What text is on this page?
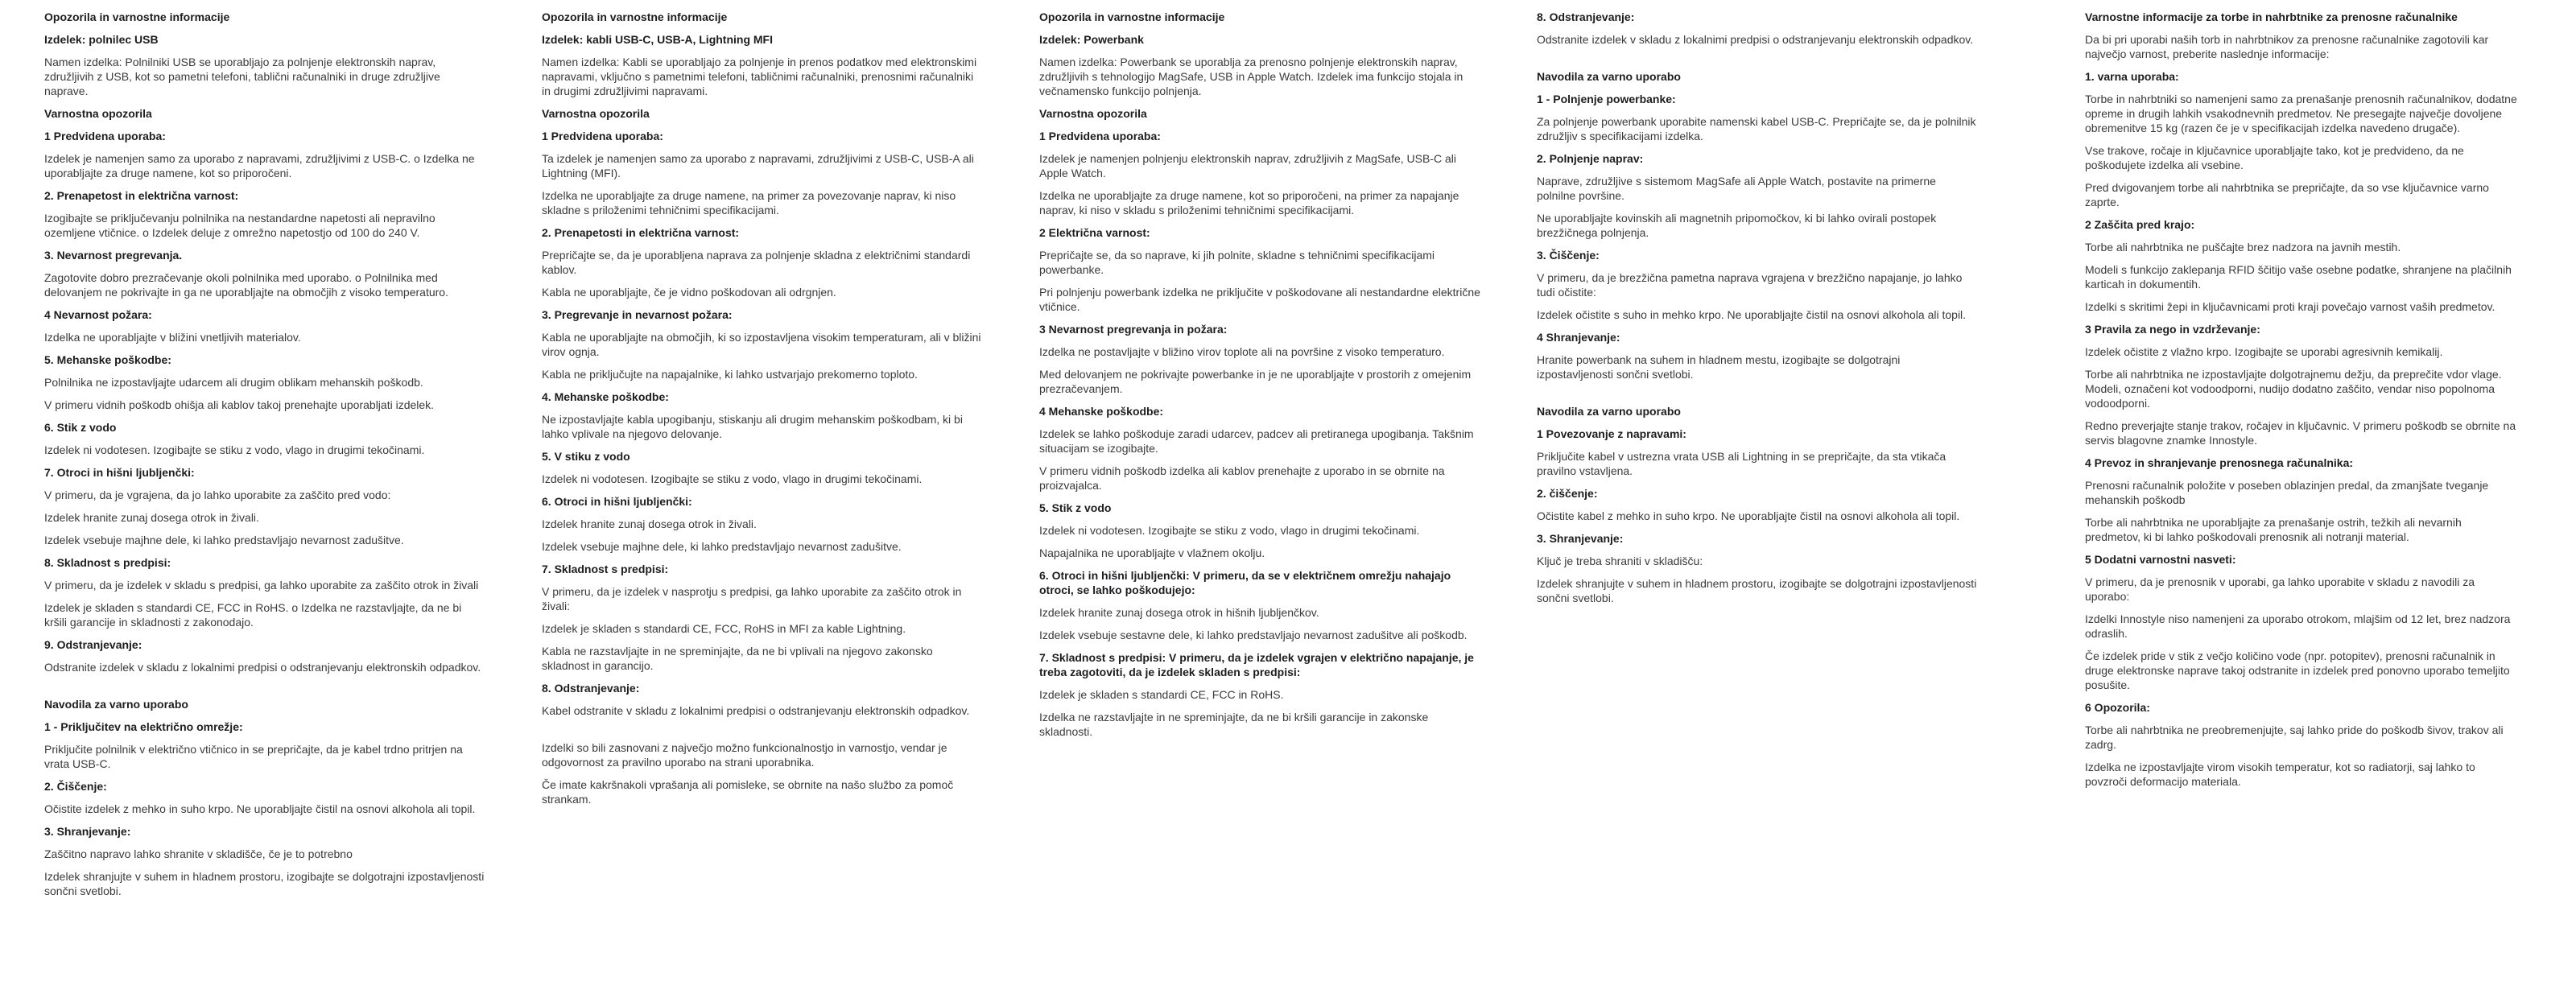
Opozorila in varnostne informacije
Izdelek: polnilec USB
Namen izdelka: Polnilniki USB se uporabljajo za polnjenje elektronskih naprav, združljivih z USB, kot so pametni telefoni, tablični računalniki in druge združljive naprave.
Varnostna opozorila
1 Predvidena uporaba:
Izdelek je namenjen samo za uporabo z napravami, združljivimi z USB-C. o Izdelka ne uporabljajte za druge namene, kot so priporočeni.
2. Prenapetost in električna varnost:
Izogibajte se priključevanju polnilnika na nestandardne napetosti ali nepravilno ozemljene vtičnice. o Izdelek deluje z omrežno napetostjo od 100 do 240 V.
3. Nevarnost pregrevanja.
Zagotovite dobro prezračevanje okoli polnilnika med uporabo. o Polnilnika med delovanjem ne pokrivajte in ga ne uporabljajte na območjih z visoko temperaturo.
4 Nevarnost požara:
Izdelka ne uporabljajte v bližini vnetljivih materialov.
5. Mehanske poškodbe:
Polnilnika ne izpostavljajte udarcem ali drugim oblikam mehanskih poškodb.
V primeru vidnih poškodb ohišja ali kablov takoj prenehajte uporabljati izdelek.
6. Stik z vodo
Izdelek ni vodotesen. Izogibajte se stiku z vodo, vlago in drugimi tekočinami.
7. Otroci in hišni ljubljenčki:
V primeru, da je vgrajena, da jo lahko uporabite za zaščito pred vodo:
Izdelek hranite zunaj dosega otrok in živali.
Izdelek vsebuje majhne dele, ki lahko predstavljajo nevarnost zadušitve.
8. Skladnost s predpisi:
V primeru, da je izdelek v skladu s predpisi, ga lahko uporabite za zaščito otrok in živali
Izdelek je skladen s standardi CE, FCC in RoHS. o Izdelka ne razstavljajte, da ne bi kršili garancije in skladnosti z zakonodajo.
9. Odstranjevanje:
Odstranite izdelek v skladu z lokalnimi predpisi o odstranjevanju elektronskih odpadkov.
Navodila za varno uporabo
1 - Priključitev na električno omrežje:
Priključite polnilnik v električno vtičnico in se prepričajte, da je kabel trdno pritrjen na vrata USB-C.
2. Čiščenje:
Očistite izdelek z mehko in suho krpo. Ne uporabljajte čistil na osnovi alkohola ali topil.
3. Shranjevanje:
Zaščitno napravo lahko shranite v skladišče, če je to potrebno
Izdelek shranjujte v suhem in hladnem prostoru, izogibajte se dolgotrajni izpostavljenosti sončni svetlobi.
Opozorila in varnostne informacije
Izdelek: kabli USB-C, USB-A, Lightning MFI
Namen izdelka: Kabli se uporabljajo za polnjenje in prenos podatkov med elektronskimi napravami, vključno s pametnimi telefoni, tabličnimi računalniki, prenosnimi računalniki in drugimi združljivimi napravami.
Varnostna opozorila
1 Predvidena uporaba:
Ta izdelek je namenjen samo za uporabo z napravami, združljivimi z USB-C, USB-A ali Lightning (MFI).
Izdelka ne uporabljajte za druge namene, na primer za povezovanje naprav, ki niso skladne s priloženimi tehničnimi specifikacijami.
2. Prenapetosti in električna varnost:
Prepričajte se, da je uporabljena naprava za polnjenje skladna z električnimi standardi kablov.
Kabla ne uporabljajte, če je vidno poškodovan ali odrgnjen.
3. Pregrevanje in nevarnost požara:
Kabla ne uporabljajte na območjih, ki so izpostavljena visokim temperaturam, ali v bližini virov ognja.
Kabla ne priključujte na napajalnike, ki lahko ustvarjajo prekomerno toploto.
4. Mehanske poškodbe:
Ne izpostavljajte kabla upogibanju, stiskanju ali drugim mehanskim poškodbam, ki bi lahko vplivale na njegovo delovanje.
5. V stiku z vodo
Izdelek ni vodotesen. Izogibajte se stiku z vodo, vlago in drugimi tekočinami.
6. Otroci in hišni ljubljenčki:
Izdelek hranite zunaj dosega otrok in živali.
Izdelek vsebuje majhne dele, ki lahko predstavljajo nevarnost zadušitve.
7. Skladnost s predpisi:
V primeru, da je izdelek v nasprotju s predpisi, ga lahko uporabite za zaščito otrok in živali:
Izdelek je skladen s standardi CE, FCC, RoHS in MFI za kable Lightning.
Kabla ne razstavljajte in ne spreminjajte, da ne bi vplivali na njegovo zakonsko skladnost in garancijo.
8. Odstranjevanje:
Kabel odstranite v skladu z lokalnimi predpisi o odstranjevanju elektronskih odpadkov.
Izdelki so bili zasnovani z največjo možno funkcionalnostjo in varnostjo, vendar je odgovornost za pravilno uporabo na strani uporabnika.
Če imate kakršnakoli vprašanja ali pomisleke, se obrnite na našo službo za pomoč strankam.
Opozorila in varnostne informacije
Izdelek: Powerbank
Namen izdelka: Powerbank se uporablja za prenosno polnjenje elektronskih naprav, združljivih s tehnologijo MagSafe, USB in Apple Watch. Izdelek ima funkcijo stojala in večnamensko funkcijo polnjenja.
Varnostna opozorila
1 Predvidena uporaba:
Izdelek je namenjen polnjenju elektronskih naprav, združljivih z MagSafe, USB-C ali Apple Watch.
Izdelka ne uporabljajte za druge namene, kot so priporočeni, na primer za napajanje naprav, ki niso v skladu s priloženimi tehničnimi specifikacijami.
2 Električna varnost:
Prepričajte se, da so naprave, ki jih polnite, skladne s tehničnimi specifikacijami powerbanke.
Pri polnjenju powerbank izdelka ne priključite v poškodovane ali nestandardne električne vtičnice.
3 Nevarnost pregrevanja in požara:
Izdelka ne postavljajte v bližino virov toplote ali na površine z visoko temperaturo.
Med delovanjem ne pokrivajte powerbanke in je ne uporabljajte v prostorih z omejenim prezračevanjem.
4 Mehanske poškodbe:
Izdelek se lahko poškoduje zaradi udarcev, padcev ali pretiranega upogibanja. Takšnim situacijam se izogibajte.
V primeru vidnih poškodb izdelka ali kablov prenehajte z uporabo in se obrnite na proizvajalca.
5. Stik z vodo
Izdelek ni vodotesen. Izogibajte se stiku z vodo, vlago in drugimi tekočinami.
Napajalnika ne uporabljajte v vlažnem okolju.
6. Otroci in hišni ljubljenčki: V primeru, da se v električnem omrežju nahajajo otroci, se lahko poškodujejo:
Izdelek hranite zunaj dosega otrok in hišnih ljubljenčkov.
Izdelek vsebuje sestavne dele, ki lahko predstavljajo nevarnost zadušitve ali poškodb.
7. Skladnost s predpisi: V primeru, da je izdelek vgrajen v električno napajanje, je treba zagotoviti, da je izdelek skladen s predpisi:
Izdelek je skladen s standardi CE, FCC in RoHS.
Izdelka ne razstavljajte in ne spreminjajte, da ne bi kršili garancije in zakonske skladnosti.
8. Odstranjevanje:
Odstranite izdelek v skladu z lokalnimi predpisi o odstranjevanju elektronskih odpadkov.
Navodila za varno uporabo
1 - Polnjenje powerbanke:
Za polnjenje powerbank uporabite namenski kabel USB-C. Prepričajte se, da je polnilnik združljiv s specifikacijami izdelka.
2. Polnjenje naprav:
Naprave, združljive s sistemom MagSafe ali Apple Watch, postavite na primerne polnilne površine.
Ne uporabljajte kovinskih ali magnetnih pripomočkov, ki bi lahko ovirali postopek brezžičnega polnjenja.
3. Čiščenje:
V primeru, da je brezžična pametna naprava vgrajena v brezžično napajanje, jo lahko tudi očistite:
Izdelek očistite s suho in mehko krpo. Ne uporabljajte čistil na osnovi alkohola ali topil.
4 Shranjevanje:
Hranite powerbank na suhem in hladnem mestu, izogibajte se dolgotrajni izpostavljenosti sončni svetlobi.
Navodila za varno uporabo
1 Povezovanje z napravami:
Priključite kabel v ustrezna vrata USB ali Lightning in se prepričajte, da sta vtikača pravilno vstavljena.
2. čiščenje:
Očistite kabel z mehko in suho krpo. Ne uporabljajte čistil na osnovi alkohola ali topil.
3. Shranjevanje:
Ključ je treba shraniti v skladišču:
Izdelek shranjujte v suhem in hladnem prostoru, izogibajte se dolgotrajni izpostavljenosti sončni svetlobi.
Varnostne informacije za torbe in nahrbtnike za prenosne računalnike
Da bi pri uporabi naših torb in nahrbtnikov za prenosne računalnike zagotovili kar največjo varnost, preberite naslednje informacije:
1. varna uporaba:
Torbe in nahrbtniki so namenjeni samo za prenašanje prenosnih računalnikov, dodatne opreme in drugih lahkih vsakodnevnih predmetov. Ne presegajte največje dovoljene obremenitve 15 kg (razen če je v specifikacijah izdelka navedeno drugače).
Vse trakove, ročaje in ključavnice uporabljajte tako, kot je predvideno, da ne poškodujete izdelka ali vsebine.
Pred dvigovanjem torbe ali nahrbtnika se prepričajte, da so vse ključavnice varno zaprte.
2 Zaščita pred krajo:
Torbe ali nahrbtnika ne puščajte brez nadzora na javnih mestih.
Modeli s funkcijo zaklepanja RFID ščitijo vaše osebne podatke, shranjene na plačilnih karticah in dokumentih.
Izdelki s skritimi žepi in ključavnicami proti kraji povečajo varnost vaših predmetov.
3 Pravila za nego in vzdrževanje:
Izdelek očistite z vlažno krpo. Izogibajte se uporabi agresivnih kemikalij.
Torbe ali nahrbtnika ne izpostavljajte dolgotrajnemu dežju, da preprečite vdor vlage. Modeli, označeni kot vodoodporni, nudijo dodatno zaščito, vendar niso popolnoma vodoodporni.
Redno preverjajte stanje trakov, ročajev in ključavnic. V primeru poškodb se obrnite na servis blagovne znamke Innostyle.
4 Prevoz in shranjevanje prenosnega računalnika:
Prenosni računalnik položite v poseben oblazinjen predal, da zmanjšate tveganje mehanskih poškodb
Torbe ali nahrbtnika ne uporabljajte za prenašanje ostrih, težkih ali nevarnih predmetov, ki bi lahko poškodovali prenosnik ali notranji material.
5 Dodatni varnostni nasveti:
V primeru, da je prenosnik v uporabi, ga lahko uporabite v skladu z navodili za uporabo:
Izdelki Innostyle niso namenjeni za uporabo otrokom, mlajšim od 12 let, brez nadzora odraslih.
Če izdelek pride v stik z večjo količino vode (npr. potopitev), prenosni računalnik in druge elektronske naprave takoj odstranite in izdelek pred ponovno uporabo temeljito posušite.
6 Opozorila:
Torbe ali nahrbtnika ne preobremenjujte, saj lahko pride do poškodb šivov, trakov ali zadrg.
Izdelka ne izpostavljajte virom visokih temperatur, kot so radiatorji, saj lahko to povzroči deformacijo materiala.
